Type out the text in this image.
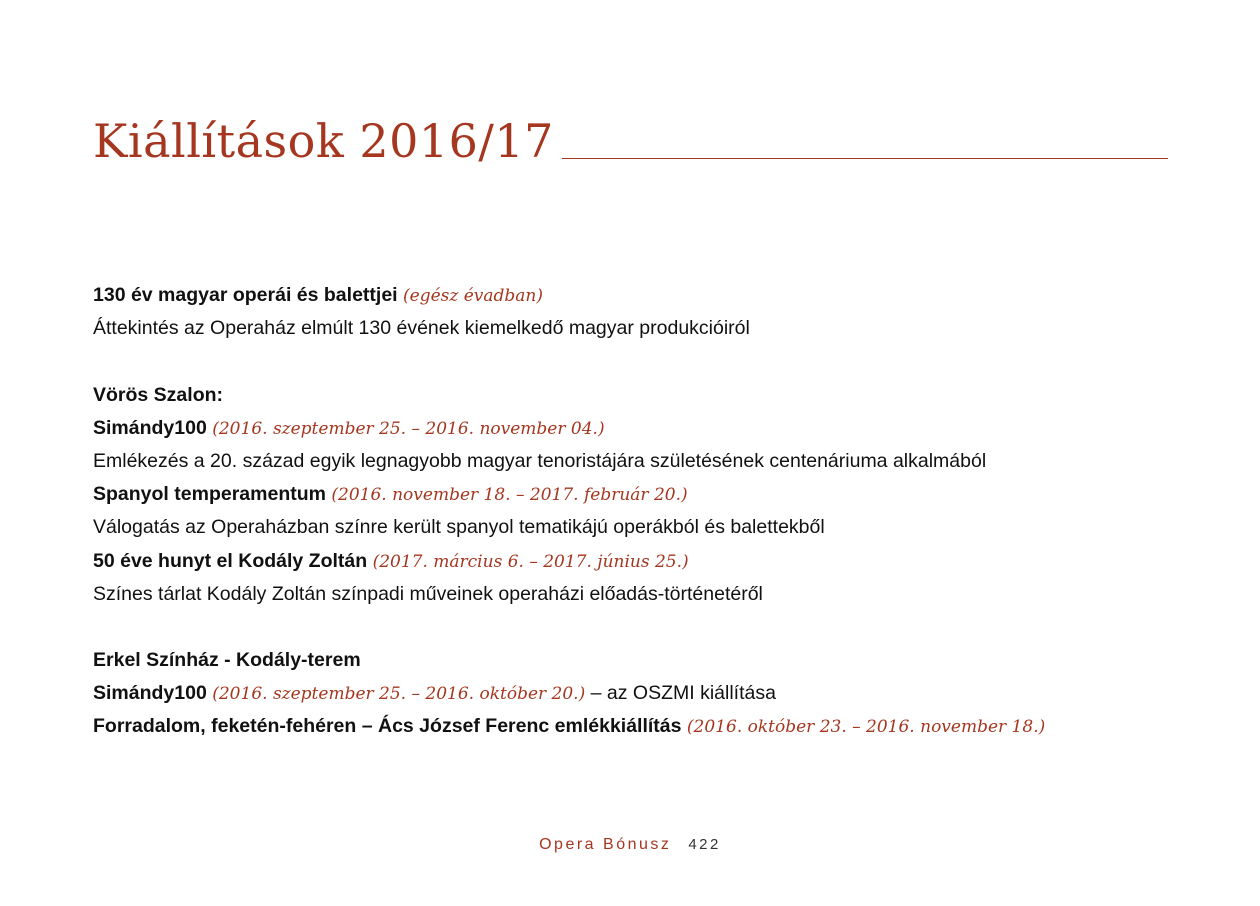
Kiállítások 2016/17
130 év magyar operái és balettjei (egész évadban)
Áttekintés az Operaház elmúlt 130 évének kiemelkedő magyar produkcióiról
Vörös Szalon:
Simándy100 (2016. szeptember 25. – 2016. november 04.)
Emlékezés a 20. század egyik legnagyobb magyar tenoristájára születésének centenáriuma alkalmából
Spanyol temperamentum (2016. november 18. – 2017. február 20.)
Válogatás az Operaházban színre került spanyol tematikájú operákból és balettekből
50 éve hunyt el Kodály Zoltán (2017. március 6. – 2017. június 25.)
Színes tárlat Kodály Zoltán színpadi műveinek operaházi előadás-történetéről
Erkel Színház - Kodály-terem
Simándy100 (2016. szeptember 25. – 2016. október 20.) – az OSZMI kiállítása
Forradalom, feketén-fehéren – Ács József Ferenc emlékkiállítás (2016. október 23. – 2016. november 18.)
Opera Bónusz 422
